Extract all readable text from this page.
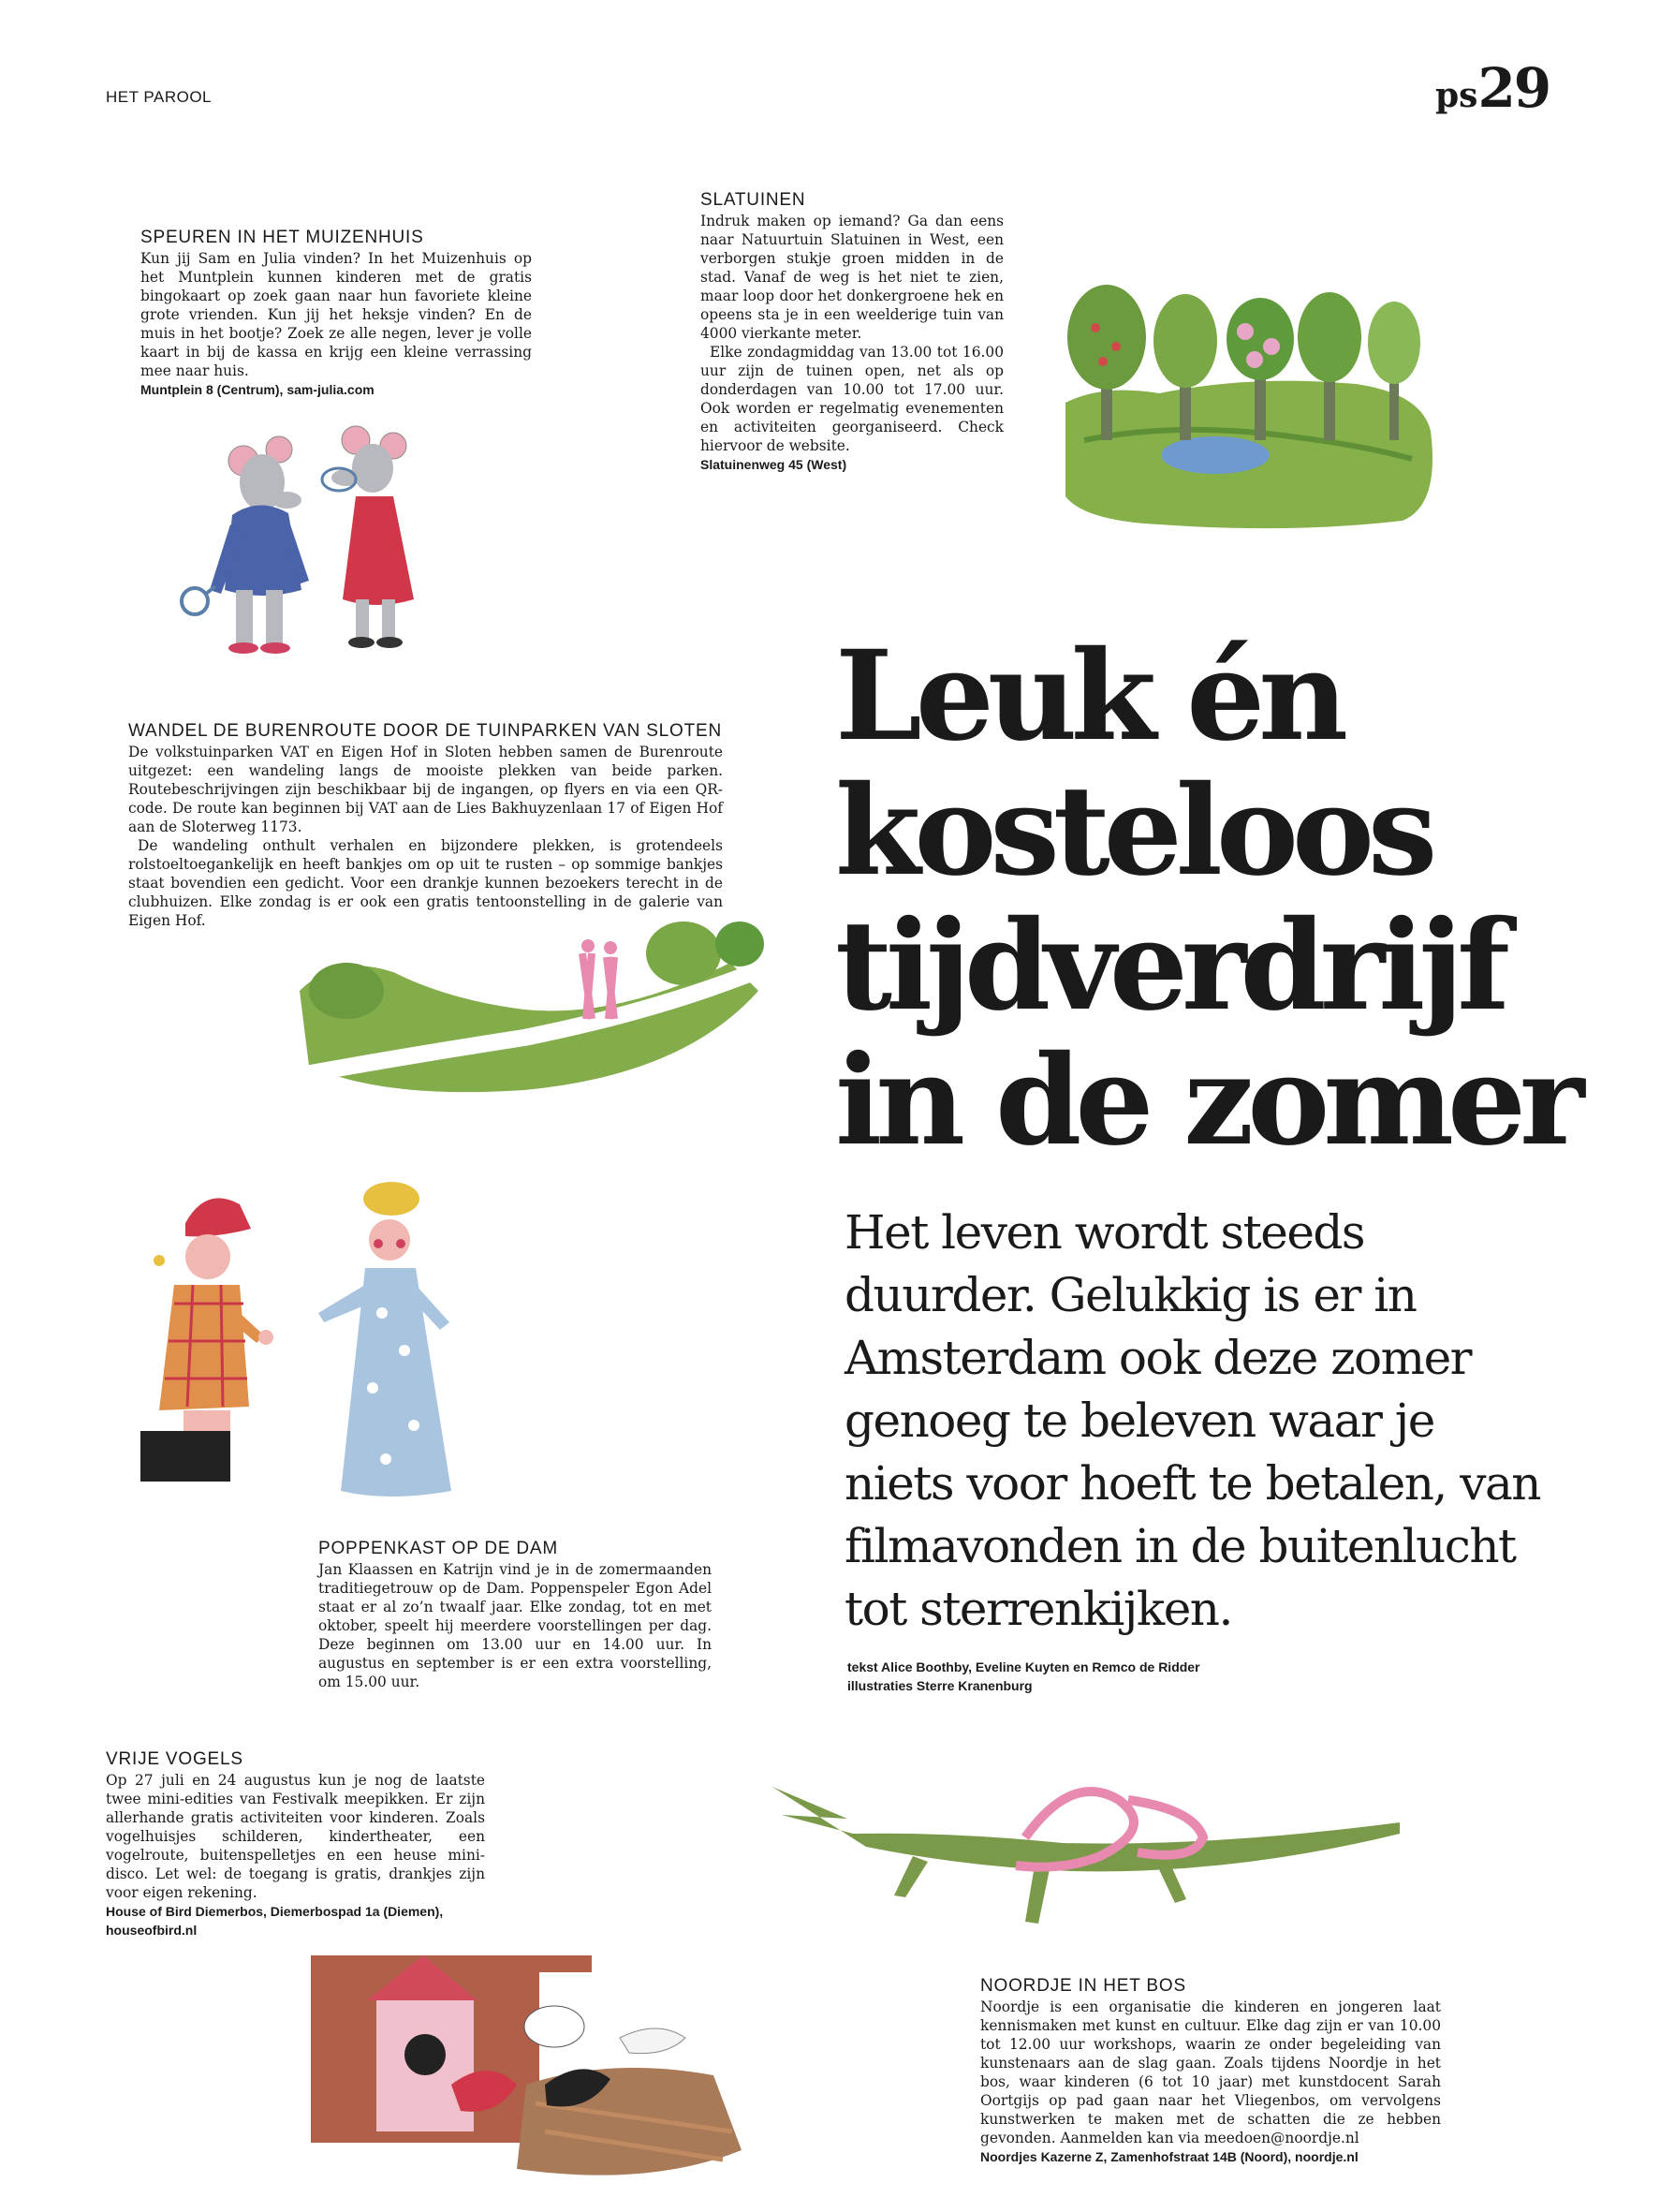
HET PAROOL	ps29
SPEUREN IN HET MUIZENHUIS

Kun jij Sam en Julia vinden? In het Muizenhuis op het Muntplein kunnen kinderen met de gratis bingokaart op zoek gaan naar hun favoriete kleine grote vrienden. Kun jij het heksje vinden? En de muis in het bootje? Zoek ze alle negen, lever je volle kaart in bij de kassa en krijg een kleine verrassing mee naar huis.

Muntplein 8 (Centrum), sam-julia.com
SLATUINEN

Indruk maken op iemand? Ga dan eens naar Natuurtuin Slatuinen in West, een verborgen stukje groen midden in de stad. Vanaf de weg is het niet te zien, maar loop door het donkergroene hek en opeens sta je in een weelderige tuin van 4000 vierkante meter.

Elke zondagmiddag van 13.00 tot 16.00 uur zijn de tuinen open, net als op donderdagen van 10.00 tot 17.00 uur. Ook worden er regelmatig evenementen en activiteiten georganiseerd. Check hiervoor de website.

Slatuinenweg 45 (West)
WANDEL DE BURENROUTE DOOR DE TUINPARKEN VAN SLOTEN

De volkstuinparken VAT en Eigen Hof in Sloten hebben samen de Burenroute uitgezet: een wandeling langs de mooiste plekken van beide parken. Routebeschrijvingen zijn beschikbaar bij de ingangen, op flyers en via een QR-code. De route kan beginnen bij VAT aan de Lies Bakhuyzenlaan 17 of Eigen Hof aan de Sloterweg 1173.

De wandeling onthult verhalen en bijzondere plekken, is grotendeels rolstoeltoegankelijk en heeft bankjes om op uit te rusten – op sommige bankjes staat bovendien een gedicht. Voor een drankje kunnen bezoekers terecht in de clubhuizen. Elke zondag is er ook een gratis tentoonstelling in de galerie van Eigen Hof.

POPPENKAST OP DE DAM

Jan Klaassen en Katrijn vind je in de zomermaanden traditiegetrouw op de Dam. Poppenspeler Egon Adel staat er al zo’n twaalf jaar. Elke zondag, tot en met oktober, speelt hij meerdere voorstellingen per dag. Deze beginnen om 13.00 uur en 14.00 uur. In augustus en september is er een extra voorstelling, om 15.00 uur.

VRIJE VOGELS

Op 27 juli en 24 augustus kun je nog de laatste twee mini-edities van Festivalk meepikken. Er zijn allerhande gratis activiteiten voor kinderen. Zoals vogelhuisjes schilderen, kindertheater, een vogelroute, buitenspelletjes en een heuse mini-disco. Let wel: de toegang is gratis, drankjes zijn voor eigen rekening.

House of Bird Diemerbos, Diemerbospad 1a (Diemen), houseofbird.nl
NOORDJE IN HET BOS

Noordje is een organisatie die kinderen en jongeren laat kennismaken met kunst en cultuur. Elke dag zijn er van 10.00 tot 12.00 uur workshops, waarin ze onder begeleiding van kunstenaars aan de slag gaan. Zoals tijdens Noordje in het bos, waar kinderen (6 tot 10 jaar) met kunstdocent Sarah Oortgijs op pad gaan naar het Vliegenbos, om vervolgens kunstwerken te maken met de schatten die ze hebben gevonden. Aanmelden kan via meedoen@noordje.nl

Noordjes Kazerne Z, Zamenhofstraat 14B (Noord), noordje.nl
Leuk én
kosteloos
tijdverdrijf
in de zomer
Het leven wordt steeds duurder. Gelukkig is er in Amsterdam ook deze zomer genoeg te beleven waar je niets voor hoeft te betalen, van filmavonden in de buitenlucht tot sterrenkijken.
tekst Alice Boothby, Eveline Kuyten en Remco de Ridder
illustraties Sterre Kranenburg
